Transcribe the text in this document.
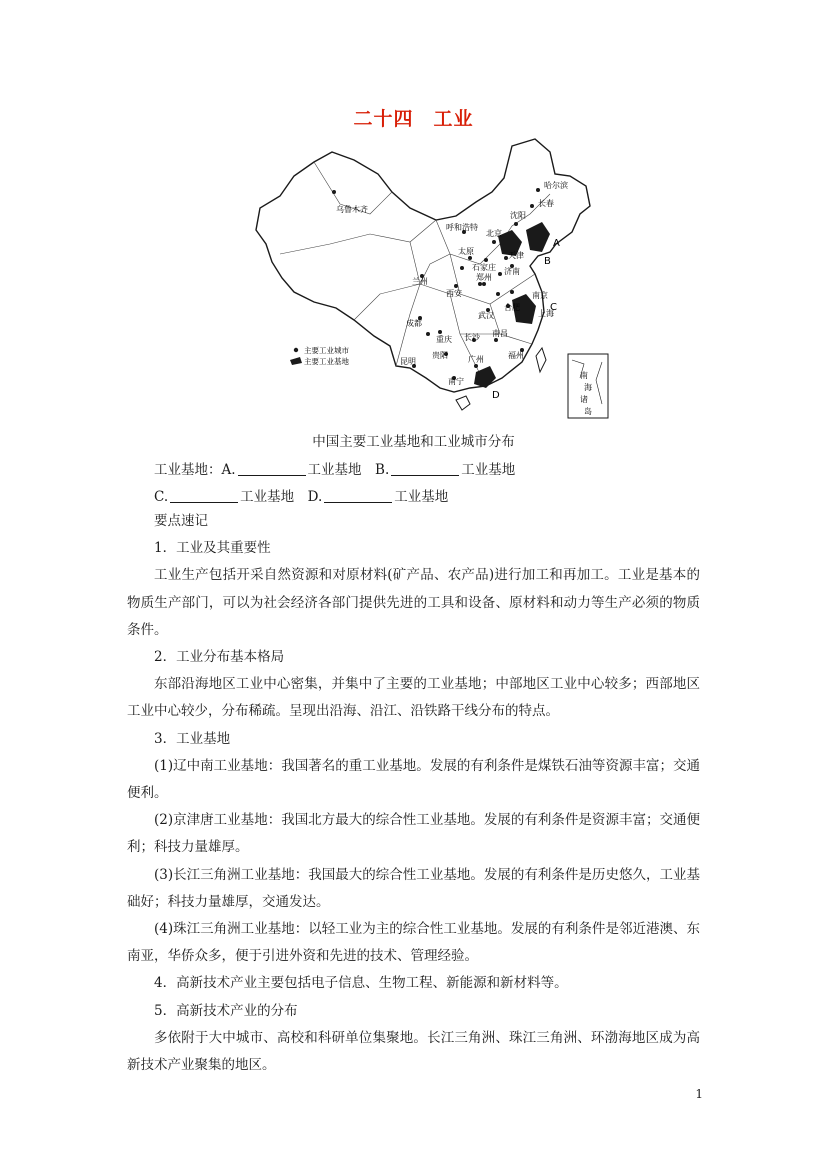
二十四　工业
乌鲁木齐
哈尔滨
长春
沈阳
呼和浩特
北京
天津
太原
石家庄 济南
兰州
西安
郑州
南京
上海
合肥
武汉
成都
重庆 长沙 南昌
福州
贵阳
昆明
南宁
广州
A
B
C
D
主要工业城市
主要工业基地
南海诸岛
中国主要工业基地和工业城市分布
工业基地：A.	工业基地　B.	工业基地
C.	工业基地　D.	工业基地

要点速记

1．工业及其重要性

工业生产包括开采自然资源和对原材料(矿产品、农产品)进行加工和再加工。工业是基本的物质生产部门，可以为社会经济各部门提供先进的工具和设备、原材料和动力等生产必须的物质条件。

2．工业分布基本格局

东部沿海地区工业中心密集，并集中了主要的工业基地；中部地区工业中心较多；西部地区工业中心较少，分布稀疏。呈现出沿海、沿江、沿铁路干线分布的特点。

3．工业基地

(1)辽中南工业基地：我国著名的重工业基地。发展的有利条件是煤铁石油等资源丰富；交通便利。

(2)京津唐工业基地：我国北方最大的综合性工业基地。发展的有利条件是资源丰富；交通便利；科技力量雄厚。

(3)长江三角洲工业基地：我国最大的综合性工业基地。发展的有利条件是历史悠久，工业基础好；科技力量雄厚，交通发达。

(4)珠江三角洲工业基地：以轻工业为主的综合性工业基地。发展的有利条件是邻近港澳、东南亚，华侨众多，便于引进外资和先进的技术、管理经验。

4．高新技术产业主要包括电子信息、生物工程、新能源和新材料等。

5．高新技术产业的分布

多依附于大中城市、高校和科研单位集聚地。长江三角洲、珠江三角洲、环渤海地区成为高新技术产业聚集的地区。

1
